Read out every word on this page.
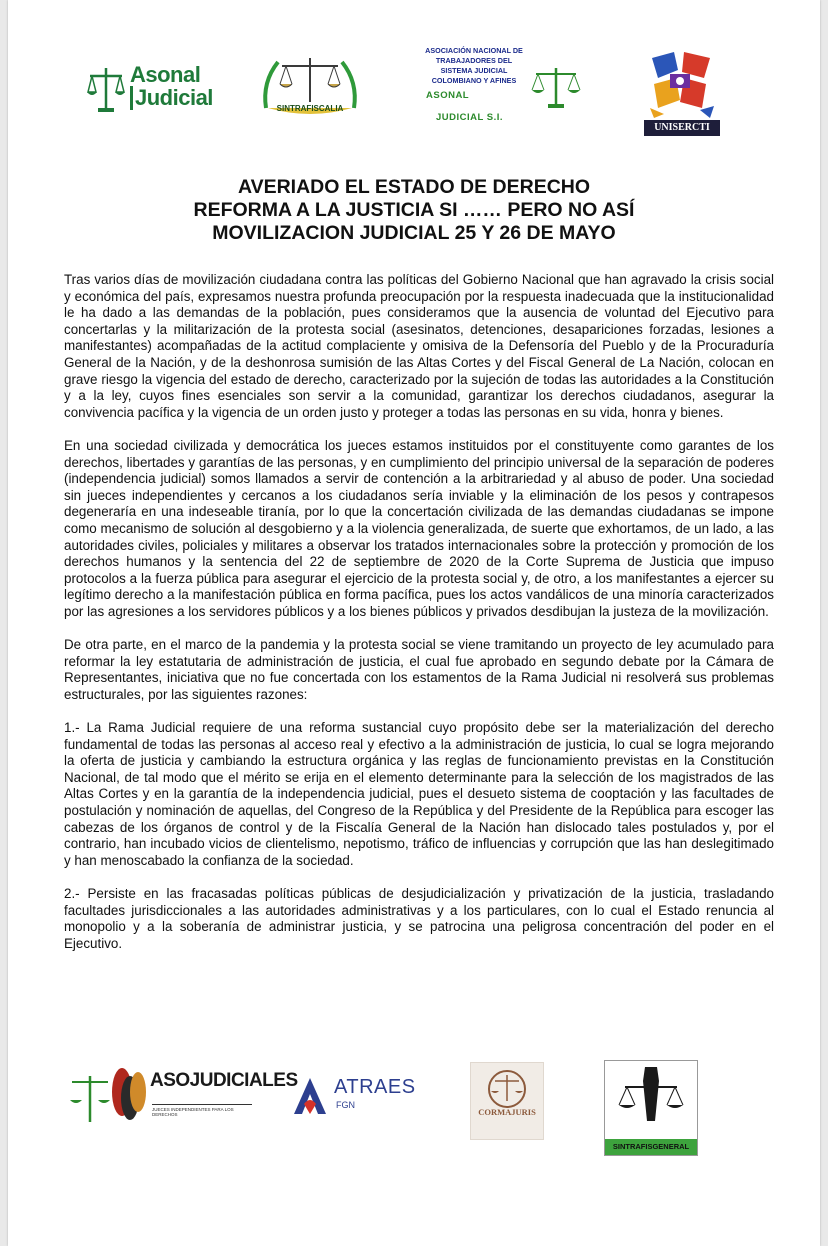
Asonal
Judicial	SINTRAFISCALIA
ASOCIACIÓN NACIONAL DE
TRABAJADORES DEL
SISTEMA JUDICIAL
COLOMBIANO Y AFINES
ASONAL
JUDICIAL S.I.
UNISERCTI
AVERIADO EL ESTADO DE DERECHO
REFORMA A LA JUSTICIA SI …… PERO NO ASÍ
MOVILIZACION JUDICIAL 25 Y 26 DE MAYO

Tras varios días de movilización ciudadana contra las políticas del Gobierno Nacional que han agravado la crisis social y económica del país, expresamos nuestra profunda preocupación por la respuesta inadecuada que la institucionalidad le ha dado a las demandas de la población, pues consideramos que la ausencia de voluntad del Ejecutivo para concertarlas y la militarización de la protesta social (asesinatos, detenciones, desapariciones forzadas, lesiones a manifestantes) acompañadas de la actitud complaciente y omisiva de la Defensoría del Pueblo y de la Procuraduría General de la Nación, y de la deshonrosa sumisión de las Altas Cortes y del Fiscal General de La Nación, colocan en grave riesgo la vigencia del estado de derecho, caracterizado por la sujeción de todas las autoridades a la Constitución y a la ley, cuyos fines esenciales son servir a la comunidad, garantizar los derechos ciudadanos, asegurar la convivencia pacífica y la vigencia de un orden justo y proteger a todas las personas en su vida, honra y bienes.

En una sociedad civilizada y democrática los jueces estamos instituidos por el constituyente como garantes de los derechos, libertades y garantías de las personas, y en cumplimiento del principio universal de la separación de poderes (independencia judicial) somos llamados a servir de contención a la arbitrariedad y al abuso de poder. Una sociedad sin jueces independientes y cercanos a los ciudadanos sería inviable y la eliminación de los pesos y contrapesos degeneraría en una indeseable tiranía, por lo que la concertación civilizada de las demandas ciudadanas se impone como mecanismo de solución al desgobierno y a la violencia generalizada, de suerte que exhortamos, de un lado, a las autoridades civiles, policiales y militares a observar los tratados internacionales sobre la protección y promoción de los derechos humanos y la sentencia del 22 de septiembre de 2020 de la Corte Suprema de Justicia que impuso protocolos a la fuerza pública para asegurar el ejercicio de la protesta social y, de otro, a los manifestantes a ejercer su legítimo derecho a la manifestación pública en forma pacífica, pues los actos vandálicos de una minoría caracterizados por las agresiones a los servidores públicos y a los bienes públicos y privados desdibujan la justeza de la movilización.

De otra parte, en el marco de la pandemia y la protesta social se viene tramitando un proyecto de ley acumulado para reformar la ley estatutaria de administración de justicia, el cual fue aprobado en segundo debate por la Cámara de Representantes, iniciativa que no fue concertada con los estamentos de la Rama Judicial ni resolverá sus problemas estructurales, por las siguientes razones:

1.- La Rama Judicial requiere de una reforma sustancial cuyo propósito debe ser la materialización del derecho fundamental de todas las personas al acceso real y efectivo a la administración de justicia, lo cual se logra mejorando la oferta de justicia y cambiando la estructura orgánica y las reglas de funcionamiento previstas en la Constitución Nacional, de tal modo que el mérito se erija en el elemento determinante para la selección de los magistrados de las Altas Cortes y en la garantía de la independencia judicial, pues el desueto sistema de cooptación y las facultades de postulación y nominación de aquellas, del Congreso de la República y del Presidente de la República para escoger las cabezas de los órganos de control y de la Fiscalía General de la Nación han dislocado tales postulados y, por el contrario, han incubado vicios de clientelismo, nepotismo, tráfico de influencias y corrupción que las han deslegitimado y han menoscabado la confianza de la sociedad.

2.- Persiste en las fracasadas políticas públicas de desjudicialización y privatización de la justicia, trasladando facultades jurisdiccionales a las autoridades administrativas y a los particulares, con lo cual el Estado renuncia al monopolio y a la soberanía de administrar justicia, y se patrocina una peligrosa concentración del poder en el Ejecutivo.

ASOJUDICIALES
JUECES INDEPENDIENTES PARA LOS DERECHOS
ATRAES
FGN
CORMAJURIS
SINTRAFISGENERAL
